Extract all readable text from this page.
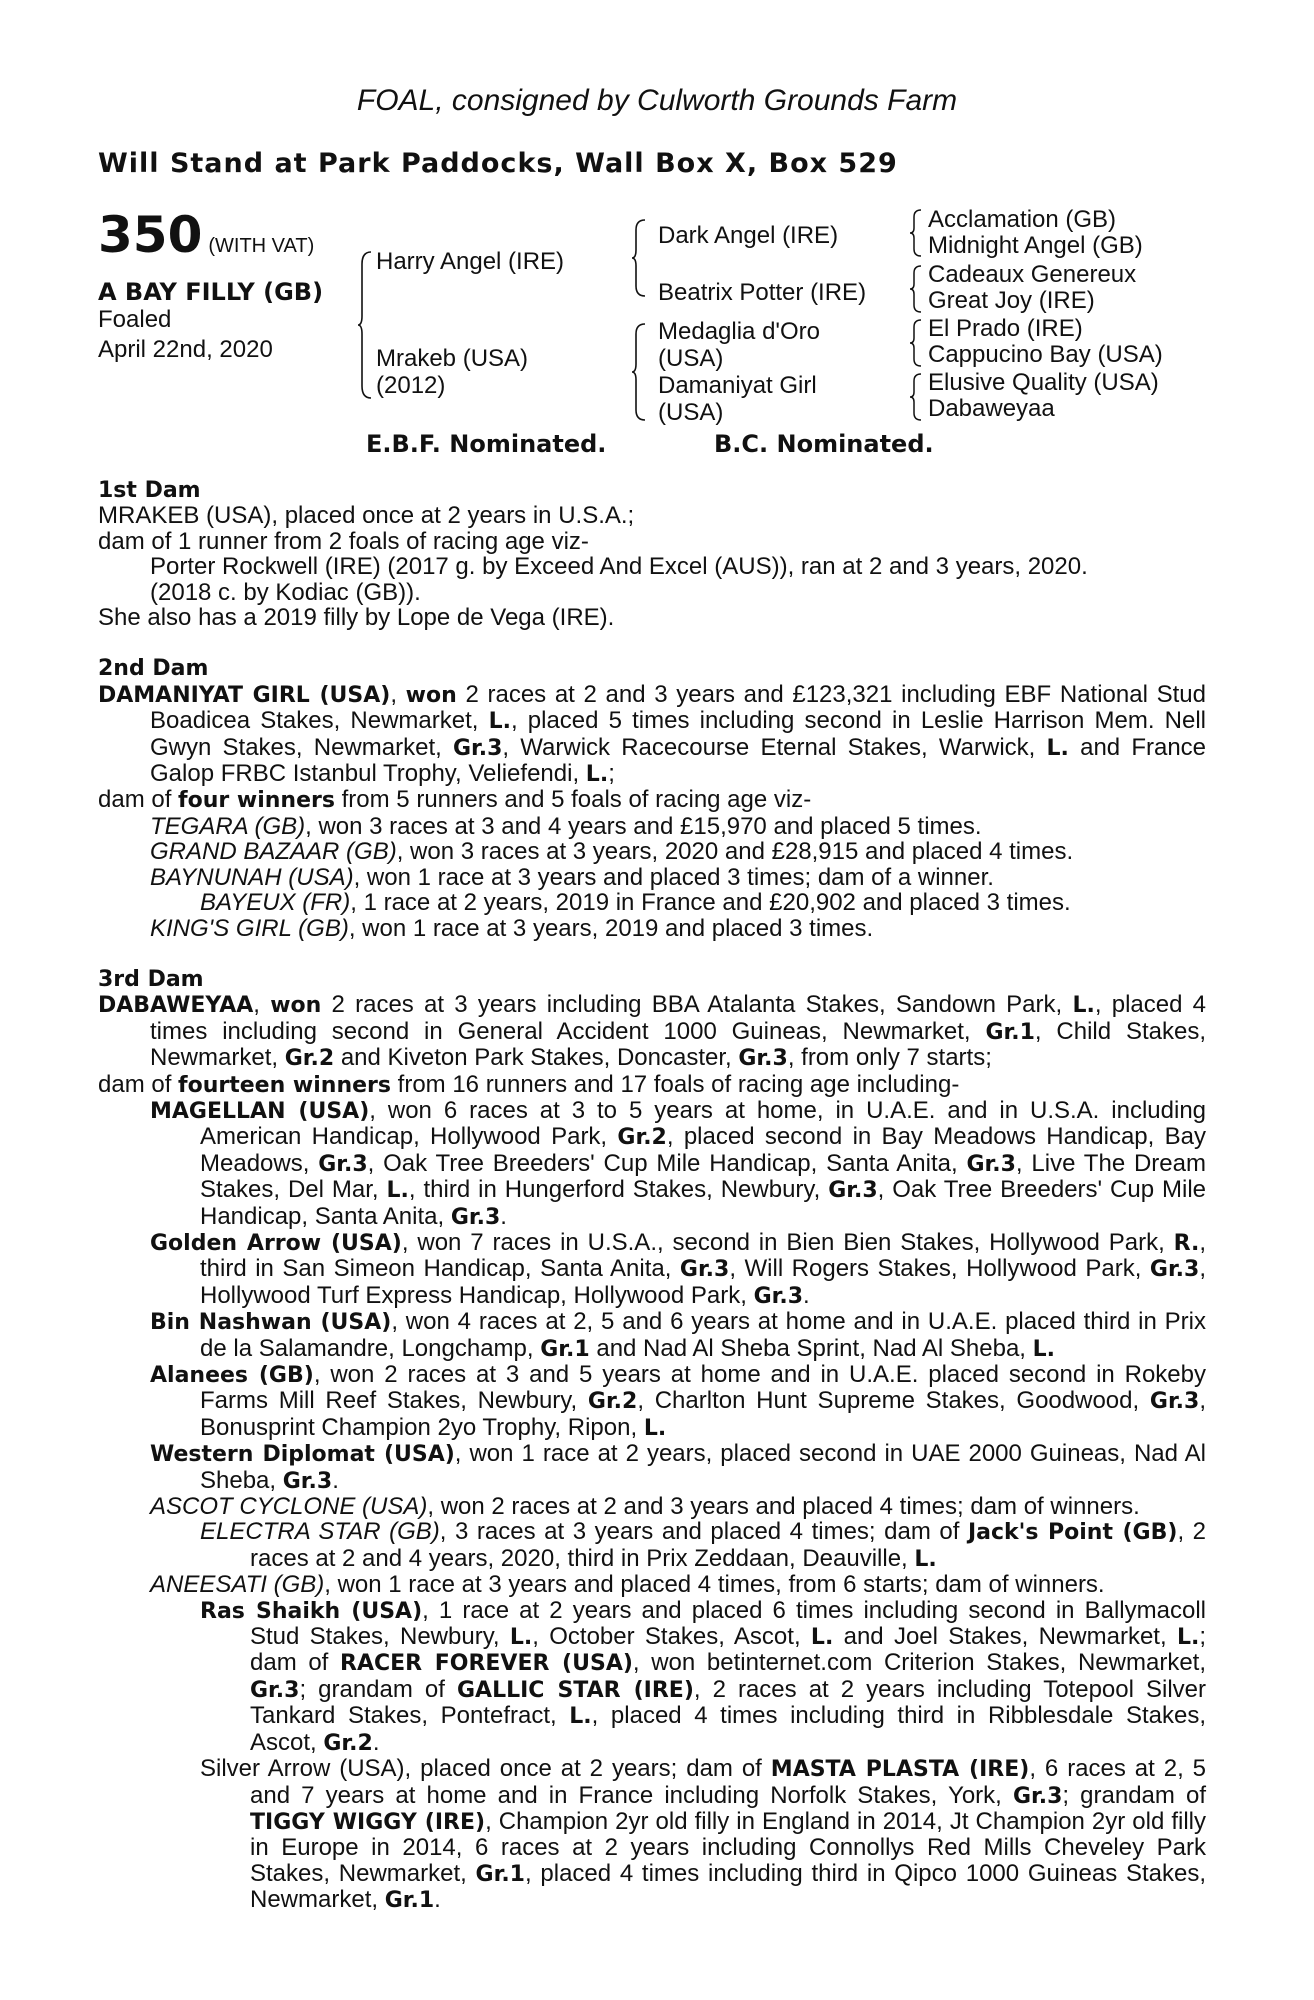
FOAL, consigned by Culworth Grounds Farm
Will Stand at Park Paddocks, Wall Box X, Box 529
350 (WITH VAT)
A BAY FILLY (GB)
Foaled
April 22nd, 2020
Harry Angel (IRE)
Mrakeb (USA)
(2012)
Dark Angel (IRE)
Beatrix Potter (IRE)
Medaglia d'Oro
(USA)
Damaniyat Girl
(USA)
Acclamation (GB)
Midnight Angel (GB)
Cadeaux Genereux
Great Joy (IRE)
El Prado (IRE)
Cappucino Bay (USA)
Elusive Quality (USA)
Dabaweyaa
E.B.F. Nominated.	B.C. Nominated.
1st Dam
MRAKEB (USA), placed once at 2 years in U.S.A.;
dam of 1 runner from 2 foals of racing age viz-
Porter Rockwell (IRE) (2017 g. by Exceed And Excel (AUS)), ran at 2 and 3 years, 2020.
(2018 c. by Kodiac (GB)).
She also has a 2019 filly by Lope de Vega (IRE).
2nd Dam

DAMANIYAT GIRL (USA), won 2 races at 2 and 3 years and £123,321 including EBF National Stud Boadicea Stakes, Newmarket, L., placed 5 times including second in Leslie Harrison Mem. Nell Gwyn Stakes, Newmarket, Gr.3, Warwick Racecourse Eternal Stakes, Warwick, L. and France Galop FRBC Istanbul Trophy, Veliefendi, L.;

dam of four winners from 5 runners and 5 foals of racing age viz-
TEGARA (GB), won 3 races at 3 and 4 years and £15,970 and placed 5 times.
GRAND BAZAAR (GB), won 3 races at 3 years, 2020 and £28,915 and placed 4 times.
BAYNUNAH (USA), won 1 race at 3 years and placed 3 times; dam of a winner.
BAYEUX (FR), 1 race at 2 years, 2019 in France and £20,902 and placed 3 times.
KING'S GIRL (GB), won 1 race at 3 years, 2019 and placed 3 times.
3rd Dam

DABAWEYAA, won 2 races at 3 years including BBA Atalanta Stakes, Sandown Park, L., placed 4 times including second in General Accident 1000 Guineas, Newmarket, Gr.1, Child Stakes, Newmarket, Gr.2 and Kiveton Park Stakes, Doncaster, Gr.3, from only 7 starts;

dam of fourteen winners from 16 runners and 17 foals of racing age including-

MAGELLAN (USA), won 6 races at 3 to 5 years at home, in U.A.E. and in U.S.A. including American Handicap, Hollywood Park, Gr.2, placed second in Bay Meadows Handicap, Bay Meadows, Gr.3, Oak Tree Breeders' Cup Mile Handicap, Santa Anita, Gr.3, Live The Dream Stakes, Del Mar, L., third in Hungerford Stakes, Newbury, Gr.3, Oak Tree Breeders' Cup Mile Handicap, Santa Anita, Gr.3.

Golden Arrow (USA), won 7 races in U.S.A., second in Bien Bien Stakes, Hollywood Park, R., third in San Simeon Handicap, Santa Anita, Gr.3, Will Rogers Stakes, Hollywood Park, Gr.3, Hollywood Turf Express Handicap, Hollywood Park, Gr.3.

Bin Nashwan (USA), won 4 races at 2, 5 and 6 years at home and in U.A.E. placed third in Prix de la Salamandre, Longchamp, Gr.1 and Nad Al Sheba Sprint, Nad Al Sheba, L.

Alanees (GB), won 2 races at 3 and 5 years at home and in U.A.E. placed second in Rokeby Farms Mill Reef Stakes, Newbury, Gr.2, Charlton Hunt Supreme Stakes, Goodwood, Gr.3, Bonusprint Champion 2yo Trophy, Ripon, L.

Western Diplomat (USA), won 1 race at 2 years, placed second in UAE 2000 Guineas, Nad Al Sheba, Gr.3.

ASCOT CYCLONE (USA), won 2 races at 2 and 3 years and placed 4 times; dam of winners.

ELECTRA STAR (GB), 3 races at 3 years and placed 4 times; dam of Jack's Point (GB), 2 races at 2 and 4 years, 2020, third in Prix Zeddaan, Deauville, L.

ANEESATI (GB), won 1 race at 3 years and placed 4 times, from 6 starts; dam of winners.

Ras Shaikh (USA), 1 race at 2 years and placed 6 times including second in Ballymacoll Stud Stakes, Newbury, L., October Stakes, Ascot, L. and Joel Stakes, Newmarket, L.; dam of RACER FOREVER (USA), won betinternet.com Criterion Stakes, Newmarket, Gr.3; grandam of GALLIC STAR (IRE), 2 races at 2 years including Totepool Silver Tankard Stakes, Pontefract, L., placed 4 times including third in Ribblesdale Stakes, Ascot, Gr.2.

Silver Arrow (USA), placed once at 2 years; dam of MASTA PLASTA (IRE), 6 races at 2, 5 and 7 years at home and in France including Norfolk Stakes, York, Gr.3; grandam of TIGGY WIGGY (IRE), Champion 2yr old filly in England in 2014, Jt Champion 2yr old filly in Europe in 2014, 6 races at 2 years including Connollys Red Mills Cheveley Park Stakes, Newmarket, Gr.1, placed 4 times including third in Qipco 1000 Guineas Stakes, Newmarket, Gr.1.
